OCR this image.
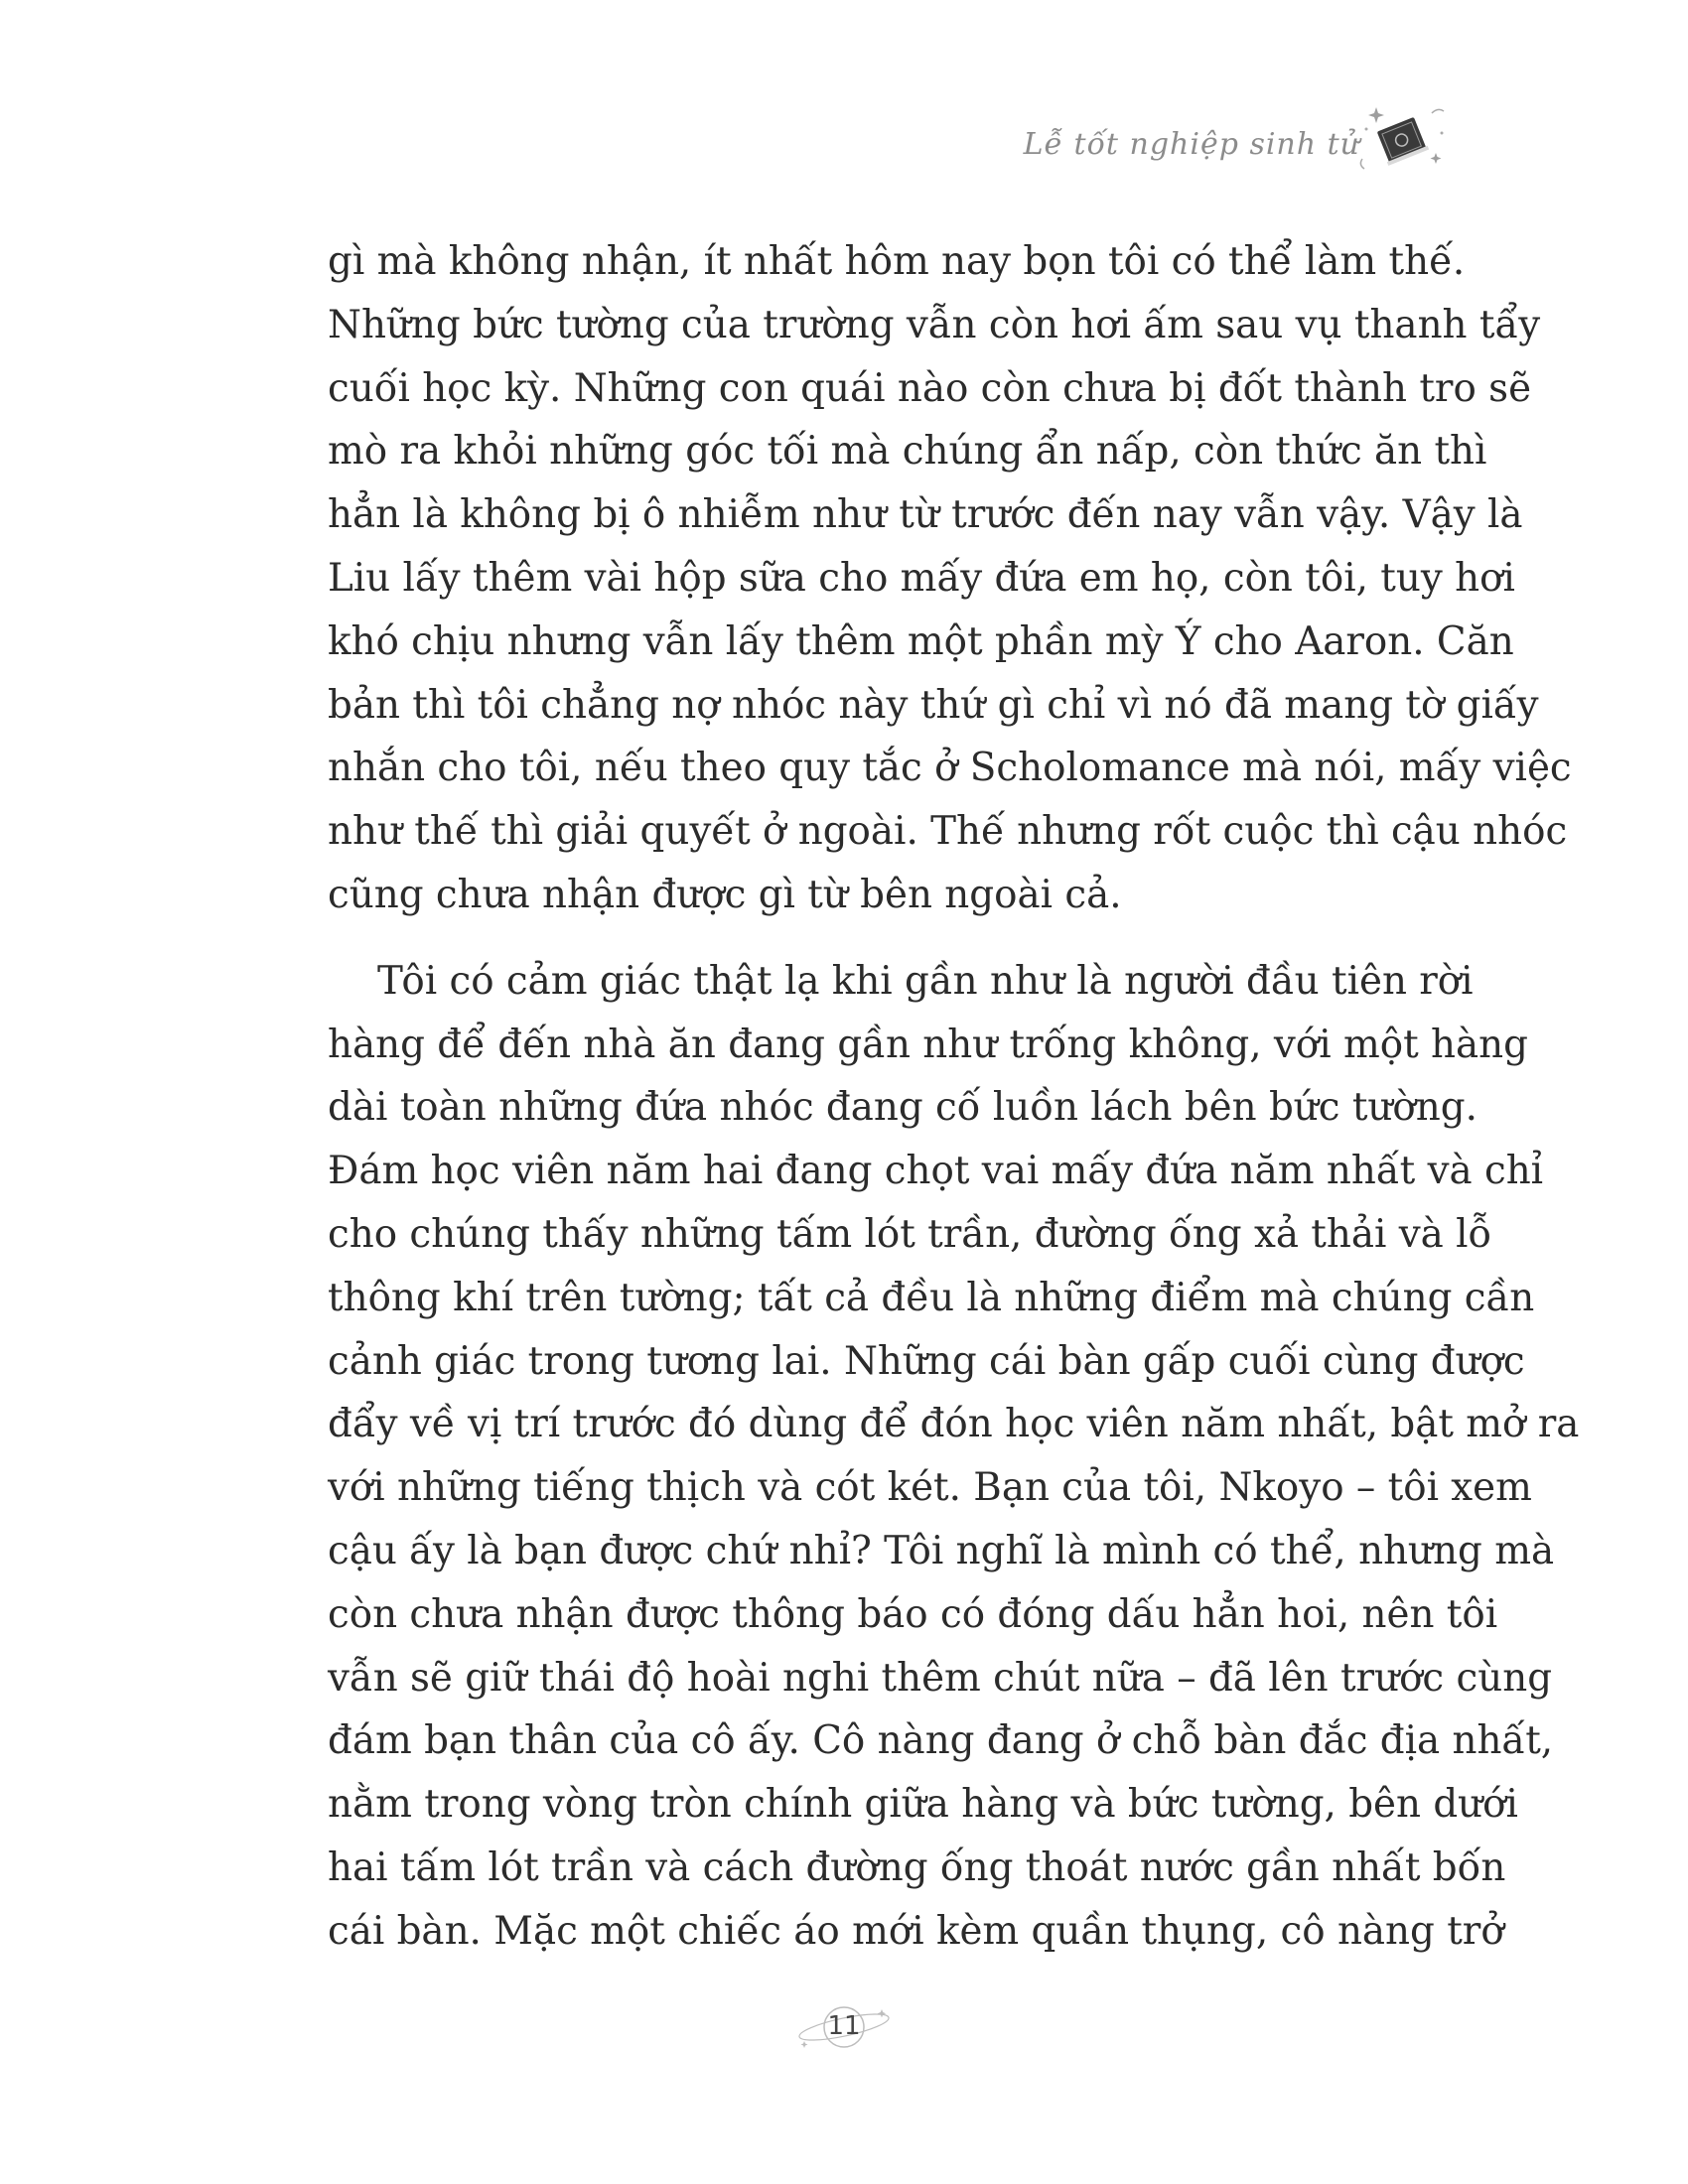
Lễ tốt nghiệp sinh tử

gì mà không nhận, ít nhất hôm nay bọn tôi có thể làm thế.
Những bức tường của trường vẫn còn hơi ấm sau vụ thanh tẩy
cuối học kỳ. Những con quái nào còn chưa bị đốt thành tro sẽ
mò ra khỏi những góc tối mà chúng ẩn nấp, còn thức ăn thì
hẳn là không bị ô nhiễm như từ trước đến nay vẫn vậy. Vậy là
Liu lấy thêm vài hộp sữa cho mấy đứa em họ, còn tôi, tuy hơi
khó chịu nhưng vẫn lấy thêm một phần mỳ Ý cho Aaron. Căn
bản thì tôi chẳng nợ nhóc này thứ gì chỉ vì nó đã mang tờ giấy
nhắn cho tôi, nếu theo quy tắc ở Scholomance mà nói, mấy việc
như thế thì giải quyết ở ngoài. Thế nhưng rốt cuộc thì cậu nhóc
cũng chưa nhận được gì từ bên ngoài cả.

Tôi có cảm giác thật lạ khi gần như là người đầu tiên rời
hàng để đến nhà ăn đang gần như trống không, với một hàng
dài toàn những đứa nhóc đang cố luồn lách bên bức tường.
Đám học viên năm hai đang chọt vai mấy đứa năm nhất và chỉ
cho chúng thấy những tấm lót trần, đường ống xả thải và lỗ
thông khí trên tường; tất cả đều là những điểm mà chúng cần
cảnh giác trong tương lai. Những cái bàn gấp cuối cùng được
đẩy về vị trí trước đó dùng để đón học viên năm nhất, bật mở ra
với những tiếng thịch và cót két. Bạn của tôi, Nkoyo – tôi xem
cậu ấy là bạn được chứ nhỉ? Tôi nghĩ là mình có thể, nhưng mà
còn chưa nhận được thông báo có đóng dấu hẳn hoi, nên tôi
vẫn sẽ giữ thái độ hoài nghi thêm chút nữa – đã lên trước cùng
đám bạn thân của cô ấy. Cô nàng đang ở chỗ bàn đắc địa nhất,
nằm trong vòng tròn chính giữa hàng và bức tường, bên dưới
hai tấm lót trần và cách đường ống thoát nước gần nhất bốn
cái bàn. Mặc một chiếc áo mới kèm quần thụng, cô nàng trở

11
